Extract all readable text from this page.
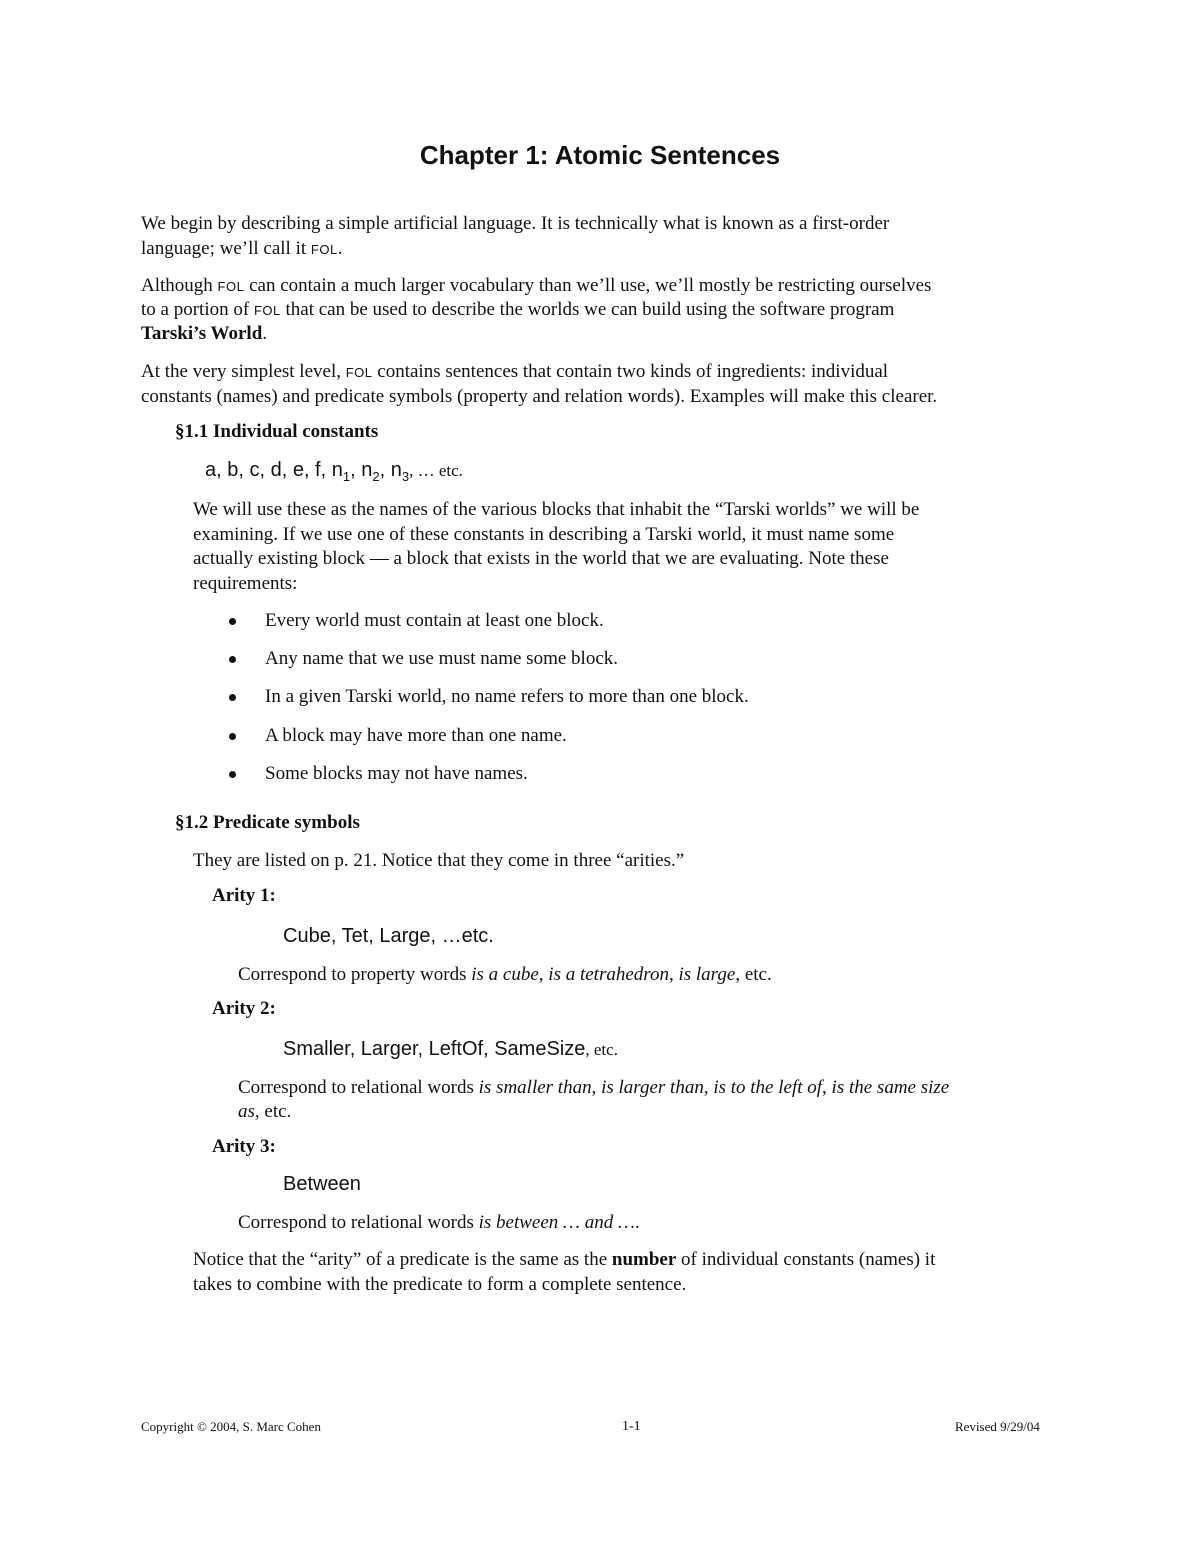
Chapter 1: Atomic Sentences
We begin by describing a simple artificial language. It is technically what is known as a first-order
language; we’ll call it FOL.
Although FOL can contain a much larger vocabulary than we’ll use, we’ll mostly be restricting ourselves
to a portion of FOL that can be used to describe the worlds we can build using the software program
Tarski’s World.
At the very simplest level, FOL contains sentences that contain two kinds of ingredients: individual
constants (names) and predicate symbols (property and relation words). Examples will make this clearer.
§1.1 Individual constants
a, b, c, d, e, f, $n_1$, $n_2$, $n_3$, … etc.
We will use these as the names of the various blocks that inhabit the “Tarski worlds” we will be
examining. If we use one of these constants in describing a Tarski world, it must name some
actually existing block — a block that exists in the world that we are evaluating. Note these
requirements:
Every world must contain at least one block.
Any name that we use must name some block.
In a given Tarski world, no name refers to more than one block.
A block may have more than one name.
Some blocks may not have names.
§1.2 Predicate symbols
They are listed on p. 21. Notice that they come in three “arities.”
Arity 1:
Cube, Tet, Large, …etc.
Correspond to property words is a cube, is a tetrahedron, is large, etc.
Arity 2:
Smaller, Larger, LeftOf, SameSize, etc.
Correspond to relational words is smaller than, is larger than, is to the left of, is the same size
as, etc.
Arity 3:
Between
Correspond to relational words is between … and ….
Notice that the “arity” of a predicate is the same as the number of individual constants (names) it
takes to combine with the predicate to form a complete sentence.
Copyright © 2004, S. Marc Cohen	1-1	Revised 9/29/04
